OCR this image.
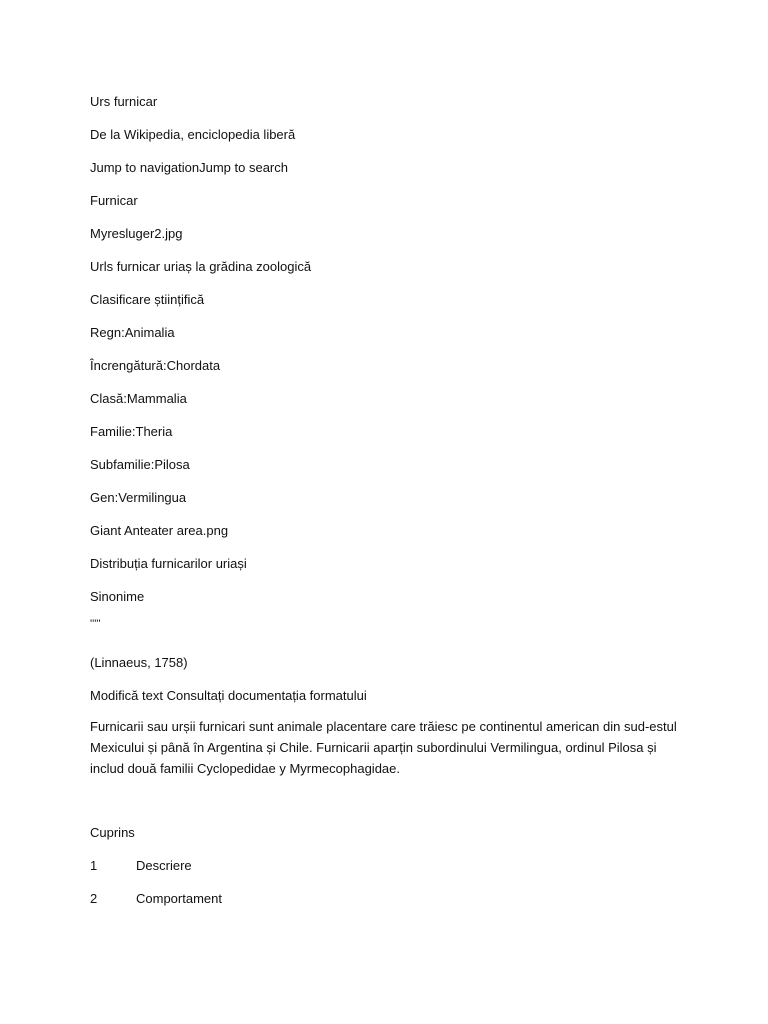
Urs furnicar
De la Wikipedia, enciclopedia liberă
Jump to navigationJump to search
Furnicar
Myresluger2.jpg
Urls furnicar uriaș la grădina zoologică
Clasificare științifică
Regn:Animalia
Încrengătură:Chordata
Clasă:Mammalia
Familie:Theria
Subfamilie:Pilosa
Gen:Vermilingua
Giant Anteater area.png
Distribuția furnicarilor uriași
Sinonime
'''''
(Linnaeus, 1758)
Modifică text Consultați documentația formatului
Furnicarii sau urșii furnicari sunt animale placentare care trăiesc pe continentul american din sud-estul
Mexicului și până în Argentina și Chile. Furnicarii aparțin subordinului Vermilingua, ordinul Pilosa și
includ două familii Cyclopedidae y Myrmecophagidae.
Cuprins
1	Descriere
2	Comportament
